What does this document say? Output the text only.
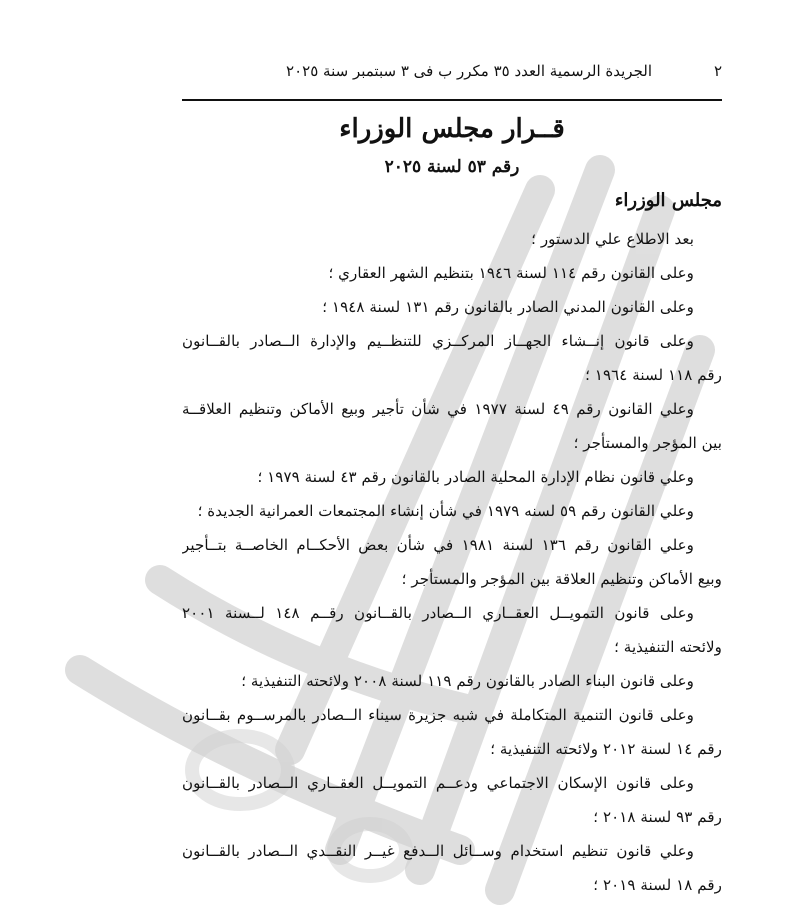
٢
الجريدة الرسمية العدد ٣٥ مكرر ب فى ٣ سبتمبر سنة ٢٠٢٥
قــرار مجلس الوزراء
رقم ٥٣ لسنة ٢٠٢٥
مجلس الوزراء
بعد الاطلاع علي الدستور ؛
وعلى القانون رقم ١١٤ لسنة ١٩٤٦ بتنظيم الشهر العقاري ؛
وعلى القانون المدني الصادر بالقانون رقم ١٣١ لسنة ١٩٤٨ ؛
وعلى قانون إنــشاء الجهــاز المركــزي للتنظــيم والإدارة الــصادر بالقــانون
رقم ١١٨ لسنة ١٩٦٤ ؛
وعلي القانون رقم ٤٩ لسنة ١٩٧٧ في شأن تأجير وبيع الأماكن وتنظيم العلاقــة
بين المؤجر والمستأجر ؛
وعلي قانون نظام الإدارة المحلية الصادر بالقانون رقم ٤٣ لسنة ١٩٧٩ ؛
وعلي القانون رقم ٥٩ لسنه ١٩٧٩ في شأن إنشاء المجتمعات العمرانية الجديدة ؛
وعلي القانون رقم ١٣٦ لسنة ١٩٨١ في شأن بعض الأحكــام الخاصــة بتــأجير
وبيع الأماكن وتنظيم العلاقة بين المؤجر والمستأجر ؛
وعلى قانون التمويــل العقــاري الــصادر بالقــانون رقــم ١٤٨ لــسنة ٢٠٠١
ولائحته التنفيذية ؛
وعلى قانون البناء الصادر بالقانون رقم ١١٩ لسنة ٢٠٠٨ ولائحته التنفيذية ؛
وعلى قانون التنمية المتكاملة في شبه جزيرة سيناء الــصادر بالمرســوم بقــانون
رقم ١٤ لسنة ٢٠١٢ ولائحته التنفيذية ؛
وعلى قانون الإسكان الاجتماعي ودعــم التمويــل العقــاري الــصادر بالقــانون
رقم ٩٣ لسنة ٢٠١٨ ؛
وعلي قانون تنظيم استخدام وســائل الــدفع غيــر النقــدي الــصادر بالقــانون
رقم ١٨ لسنة ٢٠١٩ ؛
